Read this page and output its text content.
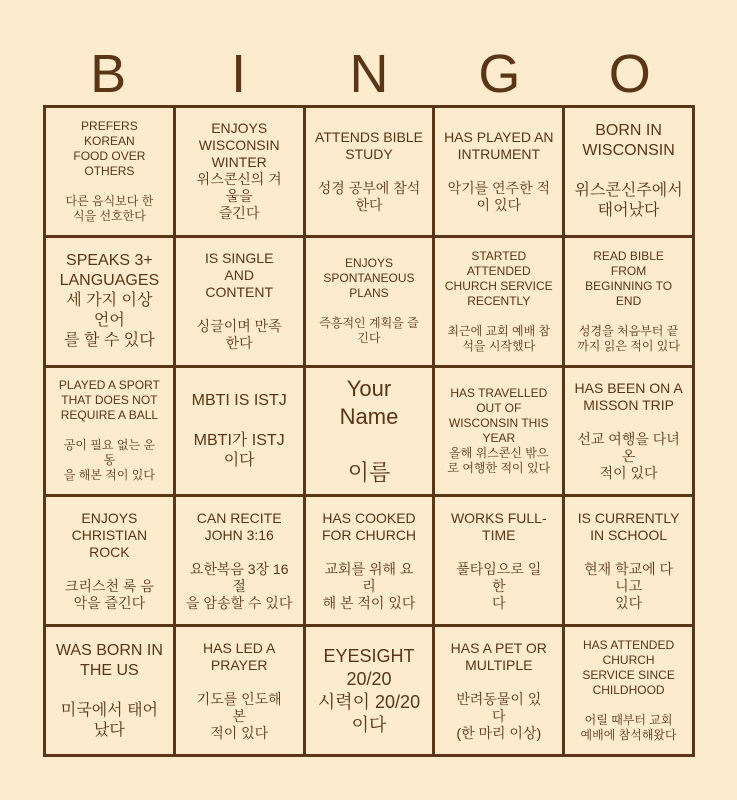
B	I	N	G	O
PREFERS
KOREAN
FOOD OVER
OTHERS

다른 음식보다 한
식을 선호한다
ENJOYS
WISCONSIN
WINTER
위스콘신의 겨
울을
즐긴다
ATTENDS BIBLE
STUDY

성경 공부에 참석
한다
HAS PLAYED AN
INTRUMENT

악기를 연주한 적
이 있다
BORN IN
WISCONSIN

위스콘신주에서
태어났다
SPEAKS 3+
LANGUAGES
세 가지 이상
언어
를 할 수 있다
IS SINGLE
AND
CONTENT

싱글이며 만족
한다
ENJOYS
SPONTANEOUS
PLANS

즉흥적인 계획을 즐
긴다
STARTED
ATTENDED
CHURCH SERVICE
RECENTLY

최근에 교회 예배 참
석을 시작했다
READ BIBLE
FROM
BEGINNING TO
END

성경을 처음부터 끝
까지 읽은 적이 있다
PLAYED A SPORT
THAT DOES NOT
REQUIRE A BALL

공이 필요 없는 운
동
을 해본 적이 있다
MBTI IS ISTJ

MBTI가 ISTJ
이다
Your
Name

이름
HAS TRAVELLED
OUT OF
WISCONSIN THIS
YEAR
올해 위스콘신 밖으
로 여행한 적이 있다
HAS BEEN ON A
MISSON TRIP

선교 여행을 다녀
온
적이 있다
ENJOYS
CHRISTIAN
ROCK

크리스천 록 음
악을 즐긴다
CAN RECITE
JOHN 3:16

요한복음 3장 16
절
을 암송할 수 있다
HAS COOKED
FOR CHURCH

교회를 위해 요
리
해 본 적이 있다
WORKS FULL-
TIME

풀타임으로 일
한
다
IS CURRENTLY
IN SCHOOL

현재 학교에 다
니고
있다
WAS BORN IN
THE US

미국에서 태어
났다
HAS LED A
PRAYER

기도를 인도해
본
적이 있다
EYESIGHT
20/20
시력이 20/20
이다
HAS A PET OR
MULTIPLE

반려동물이 있
다
(한 마리 이상)
HAS ATTENDED
CHURCH
SERVICE SINCE
CHILDHOOD

어릴 때부터 교회
예배에 참석해왔다
